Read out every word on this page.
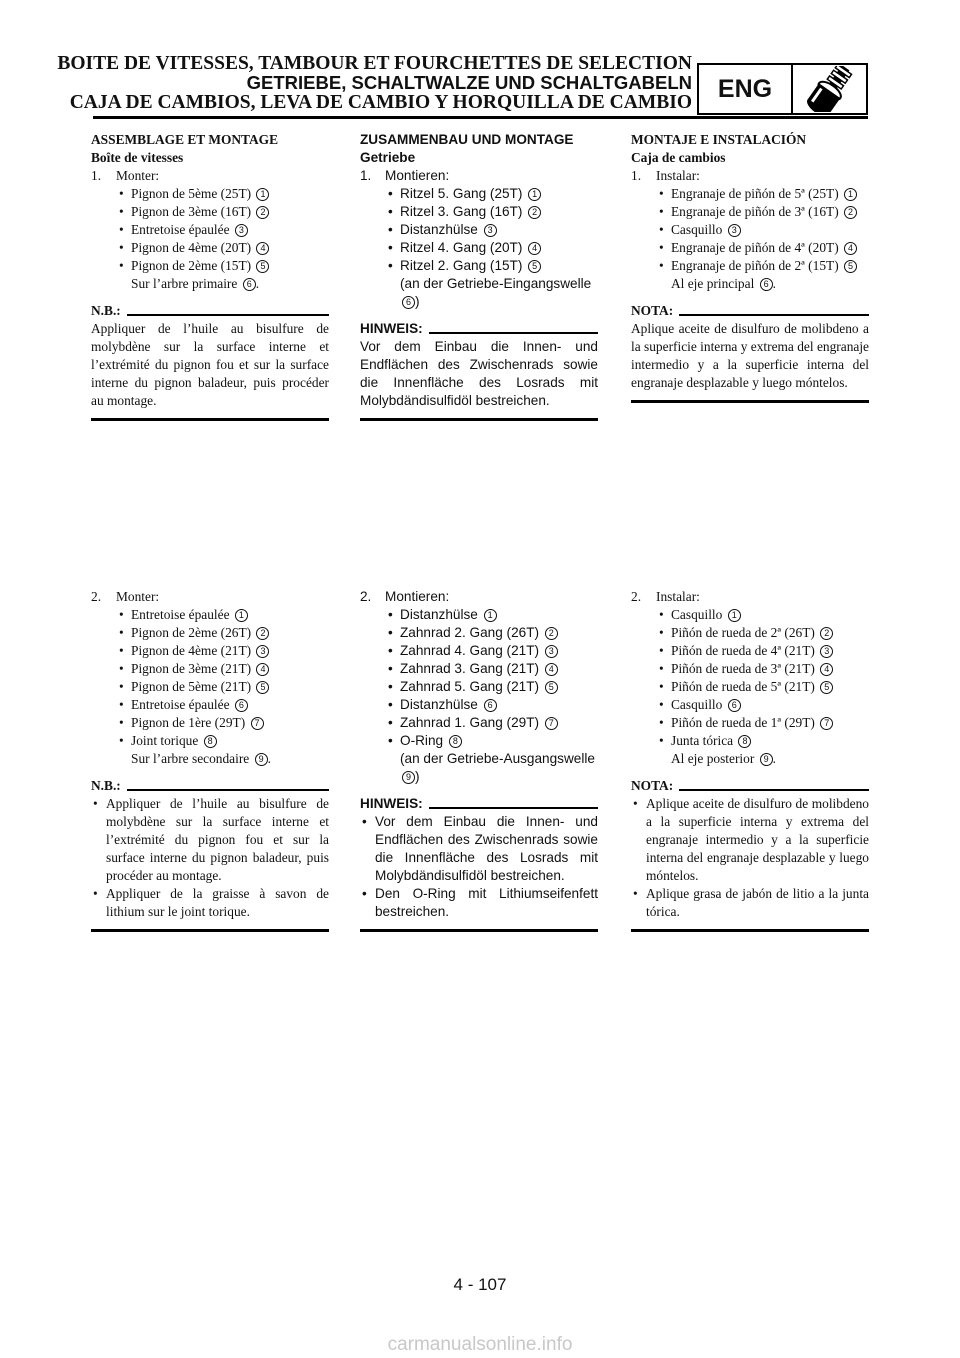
BOITE DE VITESSES, TAMBOUR ET FOURCHETTES DE SELECTION
GETRIEBE, SCHALTWALZE UND SCHALTGABELN
CAJA DE CAMBIOS, LEVA DE CAMBIO Y HORQUILLA DE CAMBIO	ENG
ASSEMBLAGE ET MONTAGE
Boîte de vitesses
1. Monter:
• Pignon de 5ème (25T) 1
• Pignon de 3ème (16T) 2
• Entretoise épaulée 3
• Pignon de 4ème (20T) 4
• Pignon de 2ème (15T) 5
Sur l’arbre primaire 6 .
N.B.:
Appliquer de l’huile au bisulfure de molybdène sur la surface interne et l’extrémité du pignon fou et sur la surface interne du pignon baladeur, puis procéder au montage.
ZUSAMMENBAU UND MONTAGE
Getriebe
1. Montieren:
• Ritzel 5. Gang (25T) 1
• Ritzel 3. Gang (16T) 2
• Distanzhülse 3
• Ritzel 4. Gang (20T) 4
• Ritzel 2. Gang (15T) 5
(an der Getriebe-Eingangswelle 6 )
HINWEIS:
Vor dem Einbau die Innen- und Endflächen des Zwischenrads sowie die Innenfläche des Losrads mit Molybdändisulfidöl bestreichen.
MONTAJE E INSTALACIÓN
Caja de cambios
1. Instalar:
• Engranaje de piñón de 5ª (25T) 1
• Engranaje de piñón de 3ª (16T) 2
• Casquillo 3
• Engranaje de piñón de 4ª (20T) 4
• Engranaje de piñón de 2ª (15T) 5
Al eje principal 6 .
NOTA:
Aplique aceite de disulfuro de molibdeno a la superficie interna y extrema del engranaje intermedio y a la superficie interna del engranaje desplazable y luego móntelos.
2. Monter:
• Entretoise épaulée 1
• Pignon de 2ème (26T) 2
• Pignon de 4ème (21T) 3
• Pignon de 3ème (21T) 4
• Pignon de 5ème (21T) 5
• Entretoise épaulée 6
• Pignon de 1ère (29T) 7
• Joint torique 8
Sur l’arbre secondaire 9 .
N.B.:
• Appliquer de l’huile au bisulfure de molybdène sur la surface interne et l’extrémité du pignon fou et sur la surface interne du pignon baladeur, puis procéder au montage.
• Appliquer de la graisse à savon de lithium sur le joint torique.
2. Montieren:
• Distanzhülse 1
• Zahnrad 2. Gang (26T) 2
• Zahnrad 4. Gang (21T) 3
• Zahnrad 3. Gang (21T) 4
• Zahnrad 5. Gang (21T) 5
• Distanzhülse 6
• Zahnrad 1. Gang (29T) 7
• O-Ring 8
(an der Getriebe-Ausgangswelle 9 )
HINWEIS:
• Vor dem Einbau die Innen- und Endflächen des Zwischenrads sowie die Innenfläche des Losrads mit Molybdändisulfidöl bestreichen.
• Den O-Ring mit Lithiumseifenfett bestreichen.
2. Instalar:
• Casquillo 1
• Piñón de rueda de 2ª (26T) 2
• Piñón de rueda de 4ª (21T) 3
• Piñón de rueda de 3ª (21T) 4
• Piñón de rueda de 5ª (21T) 5
• Casquillo 6
• Piñón de rueda de 1ª (29T) 7
• Junta tórica 8
Al eje posterior 9 .
NOTA:
• Aplique aceite de disulfuro de molibdeno a la superficie interna y extrema del engranaje intermedio y a la superficie interna del engranaje desplazable y luego móntelos.
• Aplique grasa de jabón de litio a la junta tórica.
4 - 107
carmanualsonline.info
